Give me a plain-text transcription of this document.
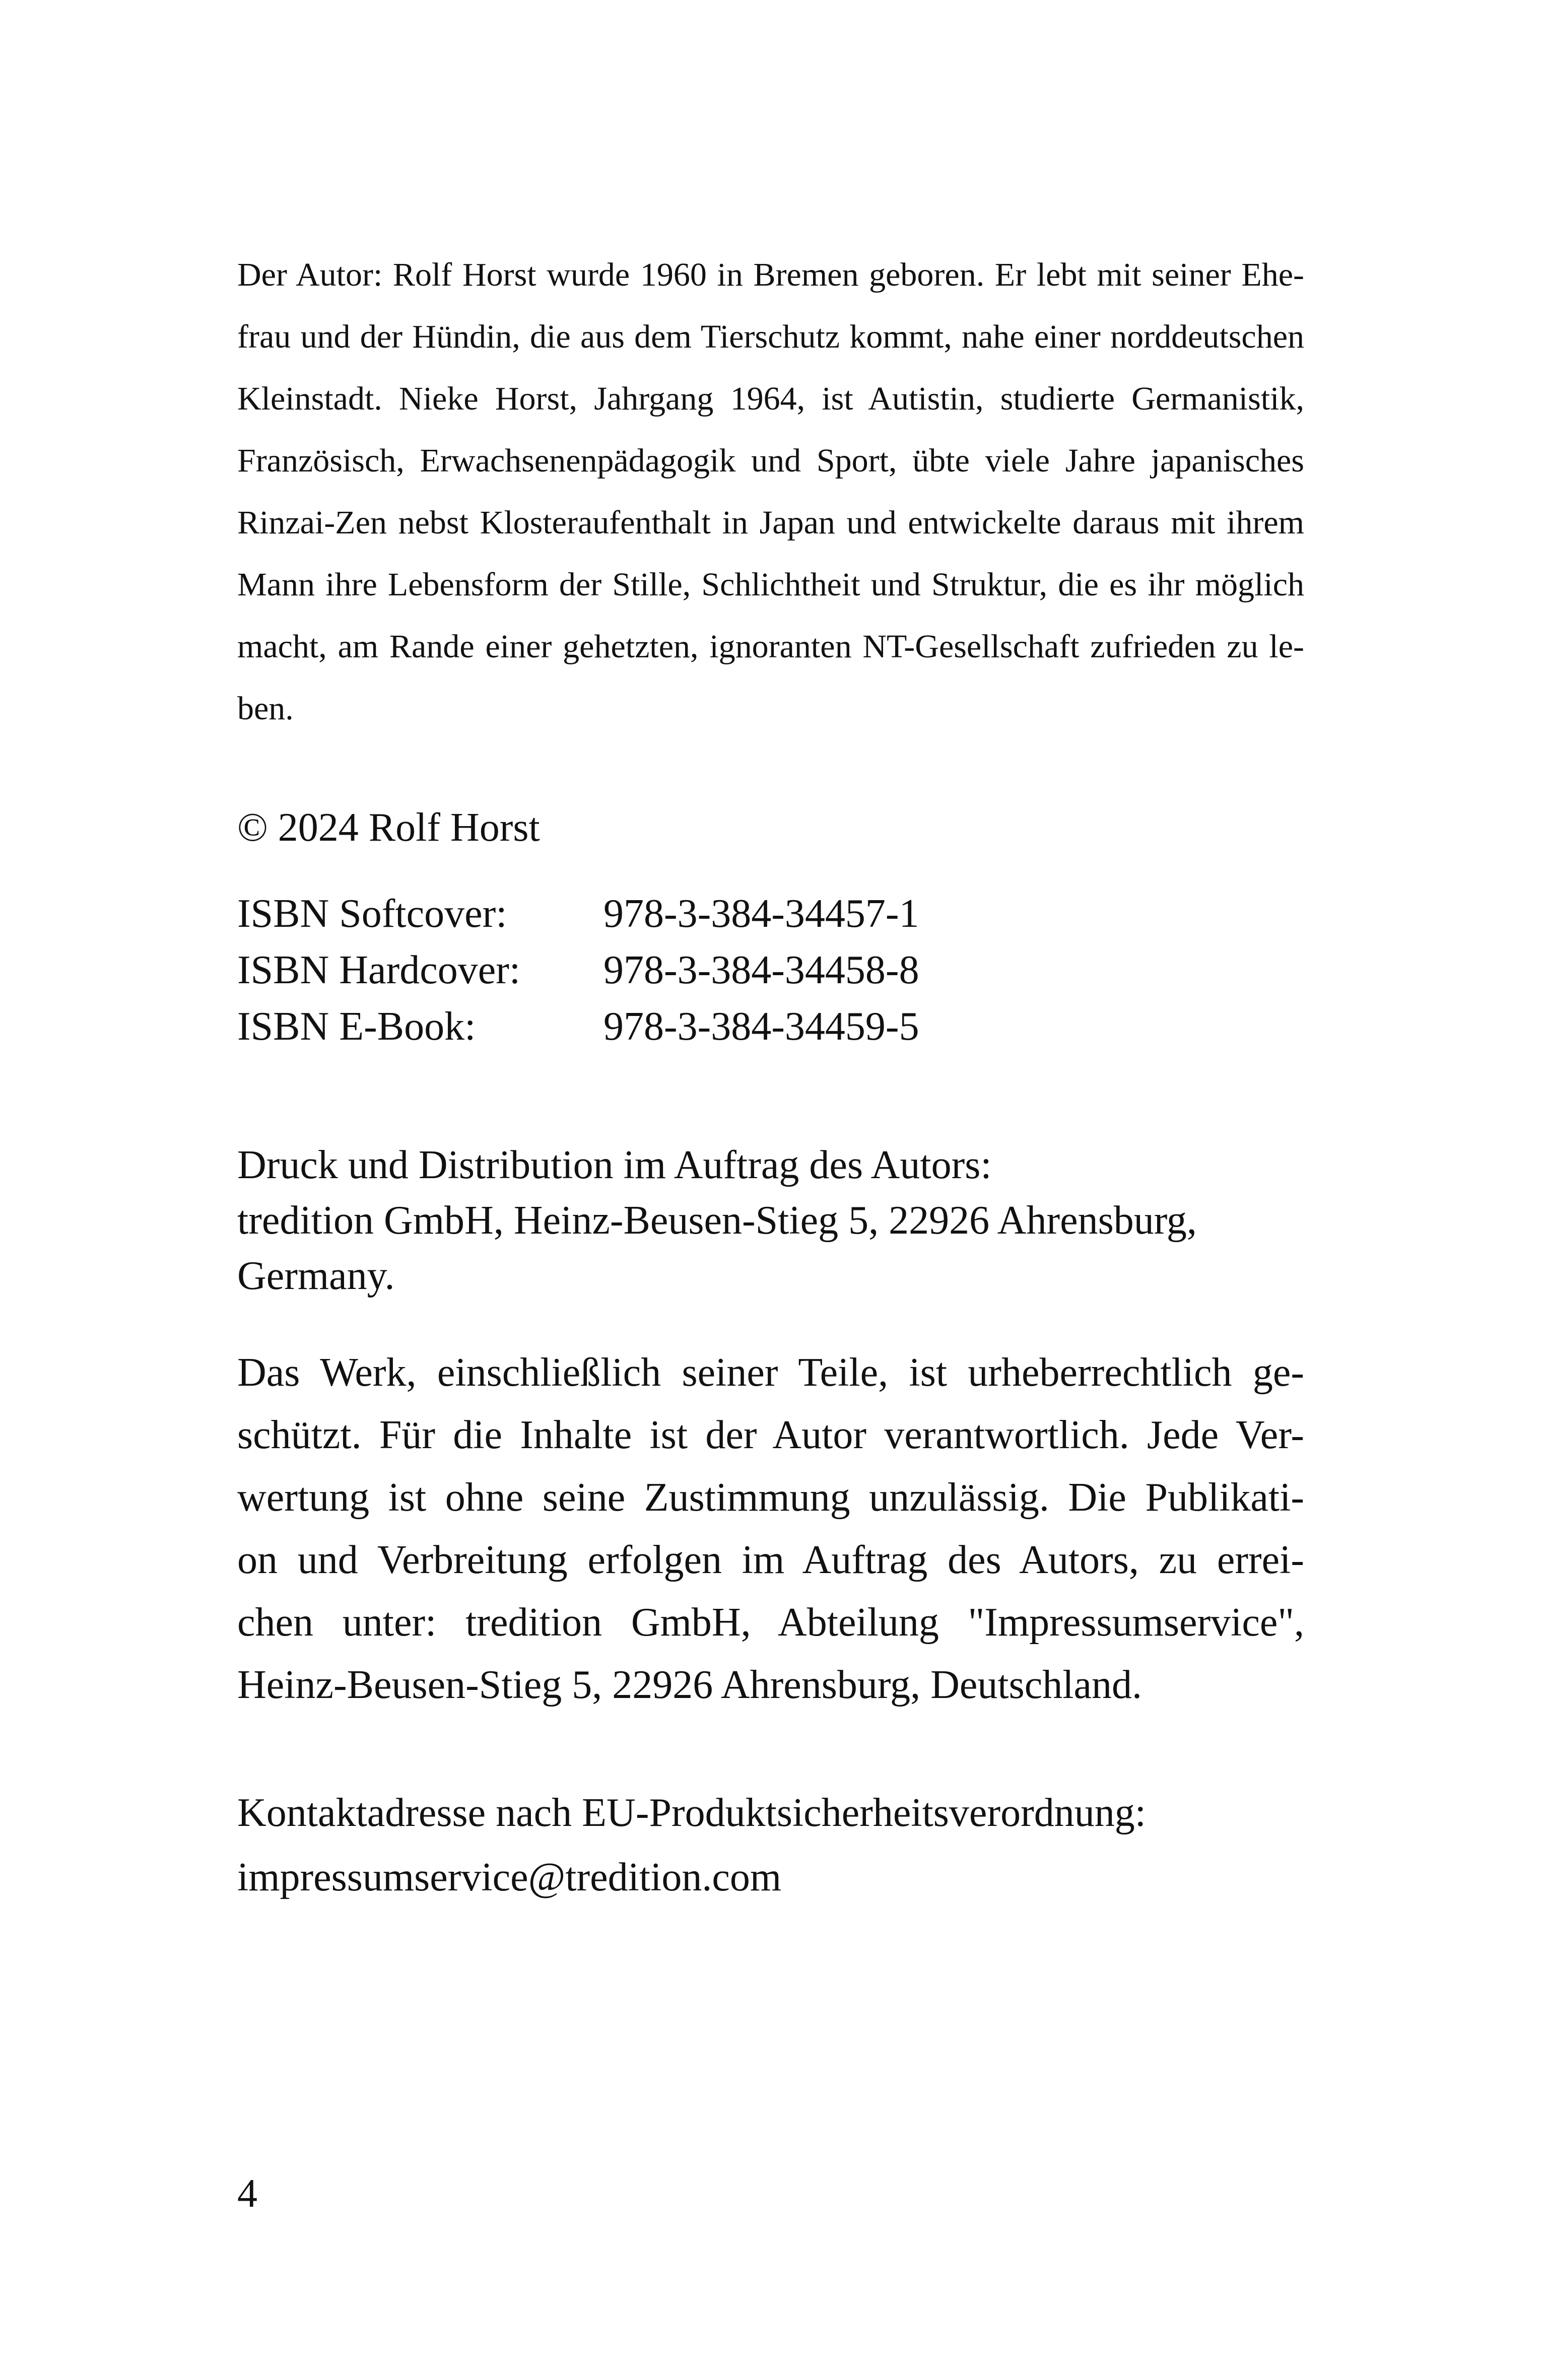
Der Autor: Rolf Horst wurde 1960 in Bremen geboren. Er lebt mit seiner Ehe-
frau und der Hündin, die aus dem Tierschutz kommt, nahe einer norddeutschen
Kleinstadt. Nieke Horst, Jahrgang 1964, ist Autistin, studierte Germanistik,
Französisch, Erwachsenenpädagogik und Sport, übte viele Jahre japanisches
Rinzai-Zen nebst Klosteraufenthalt in Japan und entwickelte daraus mit ihrem
Mann ihre Lebensform der Stille, Schlichtheit und Struktur, die es ihr möglich
macht, am Rande einer gehetzten, ignoranten NT-Gesellschaft zufrieden zu le-
ben.
© 2024 Rolf Horst
ISBN Softcover: 978-3-384-34457-1
ISBN Hardcover: 978-3-384-34458-8
ISBN E-Book:	978-3-384-34459-5
Druck und Distribution im Auftrag des Autors:
tredition GmbH, Heinz-Beusen-Stieg 5, 22926 Ahrensburg,
Germany.
Das Werk, einschließlich seiner Teile, ist urheberrechtlich ge-
schützt. Für die Inhalte ist der Autor verantwortlich. Jede Ver-
wertung ist ohne seine Zustimmung unzulässig. Die Publikati-
on und Verbreitung erfolgen im Auftrag des Autors, zu errei-
chen unter: tredition GmbH, Abteilung "Impressumservice",
Heinz-Beusen-Stieg 5, 22926 Ahrensburg, Deutschland.
Kontaktadresse nach EU-Produktsicherheitsverordnung:
impressumservice@tredition.com
4
